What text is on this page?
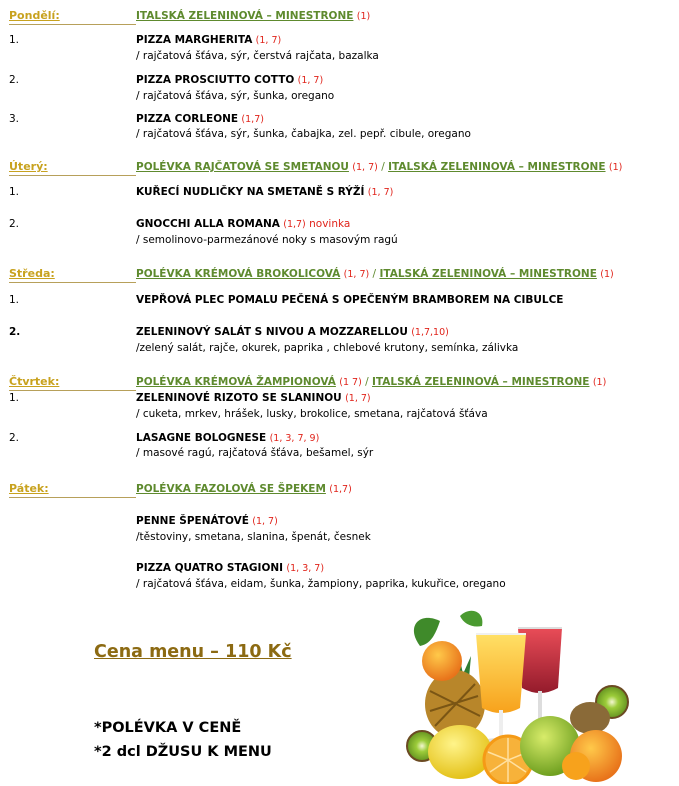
Pondělí:	ITALSKÁ ZELENINOVÁ – MINESTRONE (1)
1.	PIZZA MARGHERITA (1, 7)
/ rajčatová šťáva, sýr, čerstvá rajčata, bazalka
2.	PIZZA PROSCIUTTO COTTO (1, 7)
/ rajčatová šťáva, sýr, šunka, oregano
3.	PIZZA CORLEONE (1,7)
/ rajčatová šťáva, sýr, šunka, čabajka, zel. pepř. cibule, oregano
Úterý:	POLÉVKA RAJČATOVÁ SE SMETANOU (1, 7) / ITALSKÁ ZELENINOVÁ – MINESTRONE (1)
1.	KUŘECÍ NUDLIČKY NA SMETANĚ S RÝŽÍ (1, 7)
2.	GNOCCHI ALLA ROMANA (1,7) novinka
/ semolinovo-parmezánové noky s masovým ragú
Středa:	POLÉVKA KRÉMOVÁ BROKOLICOVÁ (1, 7) / ITALSKÁ ZELENINOVÁ – MINESTRONE (1)
1.	VEPŘOVÁ PLEC POMALU PEČENÁ S OPEČENÝM BRAMBOREM NA CIBULCE
2.	ZELENINOVÝ SALÁT S NIVOU A MOZZARELLOU (1,7,10)
/zelený salát, rajče, okurek, paprika , chlebové krutony, semínka, zálivka
Čtvrtek:	POLÉVKA KRÉMOVÁ ŽAMPIONOVÁ (1 7) / ITALSKÁ ZELENINOVÁ – MINESTRONE (1)
1.	ZELENINOVÉ RIZOTO SE SLANINOU (1, 7)
/ cuketa, mrkev, hrášek, lusky, brokolice, smetana, rajčatová šťáva
2.	LASAGNE BOLOGNESE (1, 3, 7, 9)
/ masové ragú, rajčatová šťáva, bešamel, sýr
Pátek:	POLÉVKA FAZOLOVÁ SE ŠPEKEM (1,7)
PENNE ŠPENÁTOVÉ (1, 7)
/těstoviny, smetana, slanina, špenát, česnek
PIZZA QUATRO STAGIONI (1, 3, 7)
/ rajčatová šťáva, eidam, šunka, žampiony, paprika, kukuřice, oregano
Cena menu – 110 Kč
*POLÉVKA V CENĚ
*2 dcl DŽUSU K MENU
